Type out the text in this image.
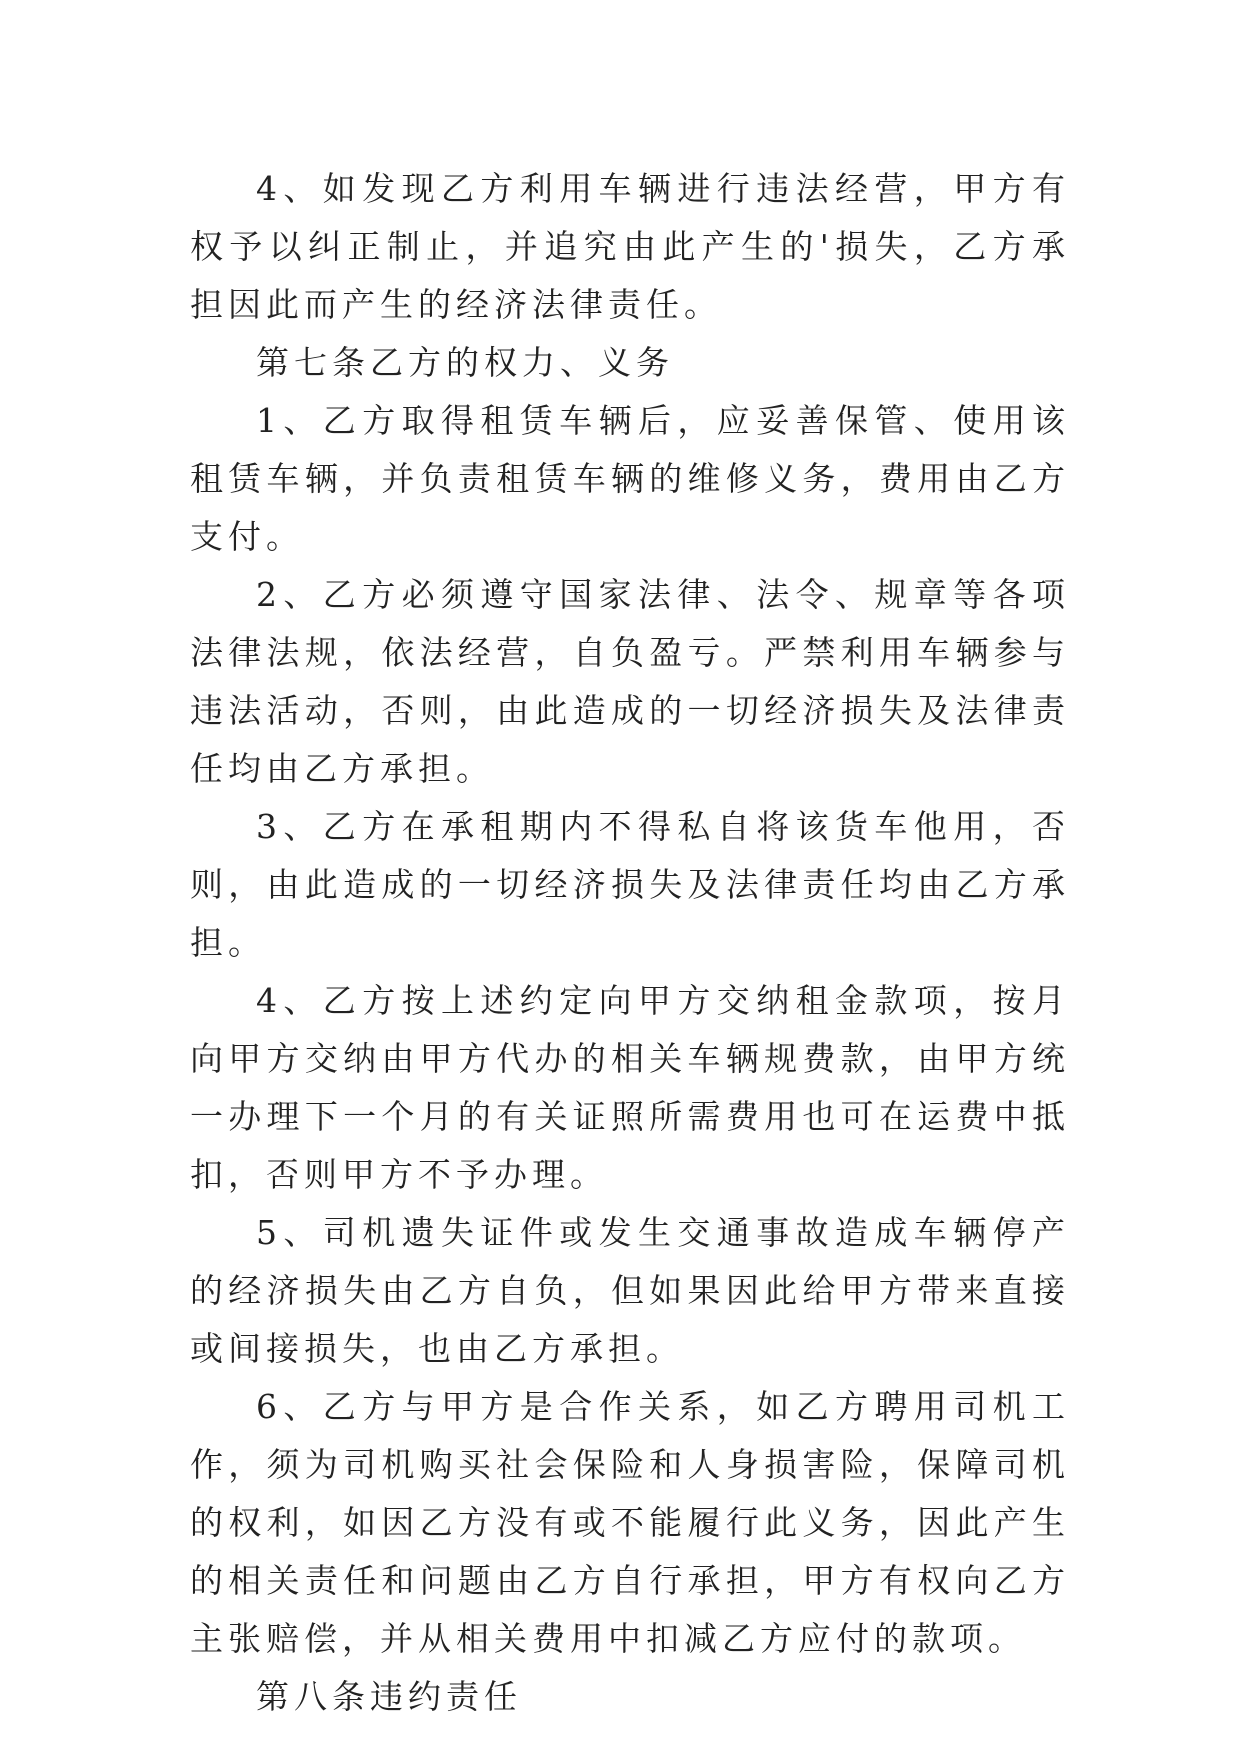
4、如发现乙方利用车辆进行违法经营，甲方有权予以纠正制止，并追究由此产生的'损失，乙方承担因此而产生的经济法律责任。

第七条乙方的权力、义务

1、乙方取得租赁车辆后，应妥善保管、使用该租赁车辆，并负责租赁车辆的维修义务，费用由乙方支付。

2、乙方必须遵守国家法律、法令、规章等各项法律法规，依法经营，自负盈亏。严禁利用车辆参与违法活动，否则，由此造成的一切经济损失及法律责任均由乙方承担。

3、乙方在承租期内不得私自将该货车他用，否则，由此造成的一切经济损失及法律责任均由乙方承担。

4、乙方按上述约定向甲方交纳租金款项，按月向甲方交纳由甲方代办的相关车辆规费款，由甲方统一办理下一个月的有关证照所需费用也可在运费中抵扣，否则甲方不予办理。

5、司机遗失证件或发生交通事故造成车辆停产的经济损失由乙方自负，但如果因此给甲方带来直接或间接损失，也由乙方承担。

6、乙方与甲方是合作关系，如乙方聘用司机工作，须为司机购买社会保险和人身损害险，保障司机的权利，如因乙方没有或不能履行此义务，因此产生的相关责任和问题由乙方自行承担，甲方有权向乙方主张赔偿，并从相关费用中扣减乙方应付的款项。

第八条违约责任
